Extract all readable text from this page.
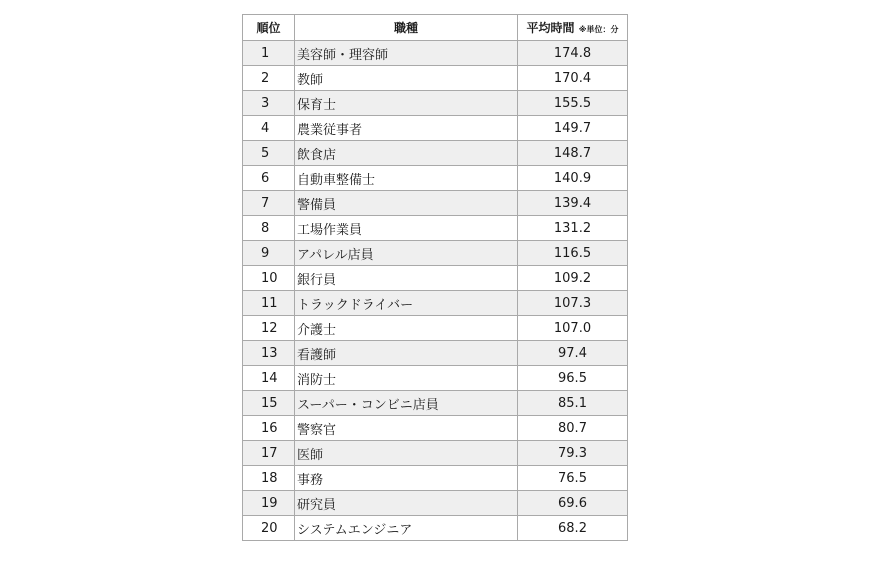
順位	職種	平均時間 ※単位：分
1	美容師・理容師	174.8
2	教師	170.4
3	保育士	155.5
4	農業従事者	149.7
5	飲食店	148.7
6	自動車整備士	140.9
7	警備員	139.4
8	工場作業員	131.2
9	アパレル店員	116.5
10	銀行員	109.2
11	トラックドライバー	107.3
12	介護士	107.0
13	看護師	97.4
14	消防士	96.5
15	スーパー・コンビニ店員	85.1
16	警察官	80.7
17	医師	79.3
18	事務	76.5
19	研究員	69.6
20	システムエンジニア	68.2
